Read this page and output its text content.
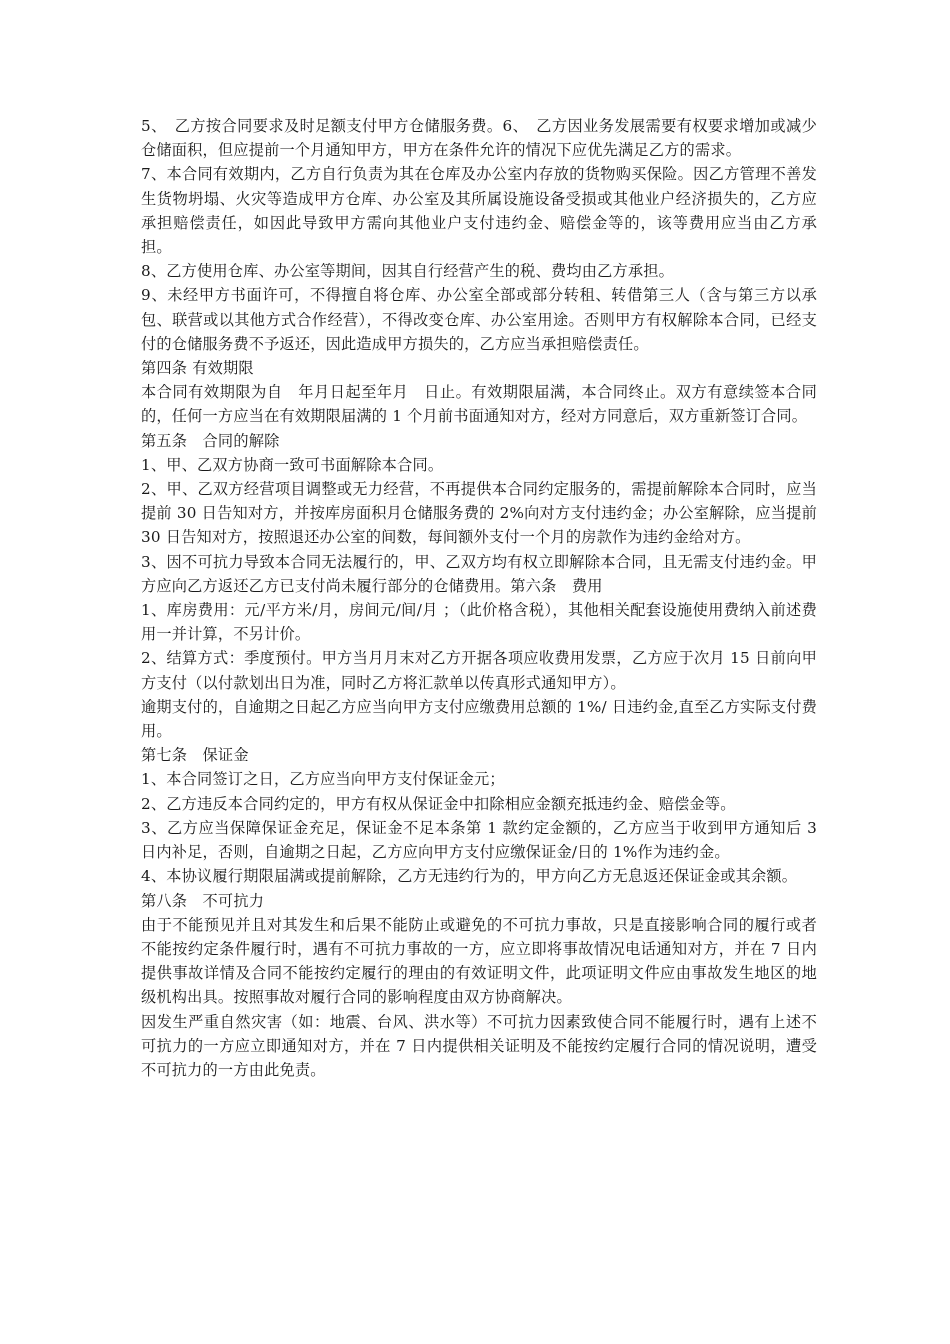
5、　乙方按合同要求及时足额支付甲方仓储服务费。6、　乙方因业务发展需要有权要求增加或减少仓储面积，但应提前一个月通知甲方，甲方在条件允许的情况下应优先满足乙方的需求。

7、本合同有效期内，乙方自行负责为其在仓库及办公室内存放的货物购买保险。因乙方管理不善发生货物坍塌、火灾等造成甲方仓库、办公室及其所属设施设备受损或其他业户经济损失的，乙方应承担赔偿责任，如因此导致甲方需向其他业户支付违约金、赔偿金等的，该等费用应当由乙方承担。

8、乙方使用仓库、办公室等期间，因其自行经营产生的税、费均由乙方承担。

9、未经甲方书面许可，不得擅自将仓库、办公室全部或部分转租、转借第三人（含与第三方以承包、联营或以其他方式合作经营），不得改变仓库、办公室用途。否则甲方有权解除本合同，已经支付的仓储服务费不予返还，因此造成甲方损失的，乙方应当承担赔偿责任。

第四条 有效期限

本合同有效期限为自　年月日起至年月　日止。有效期限届满，本合同终止。双方有意续签本合同的，任何一方应当在有效期限届满的 1 个月前书面通知对方，经对方同意后，双方重新签订合同。

第五条　合同的解除

1、甲、乙双方协商一致可书面解除本合同。

2、甲、乙双方经营项目调整或无力经营，不再提供本合同约定服务的，需提前解除本合同时，应当提前 30 日告知对方，并按库房面积月仓储服务费的 2%向对方支付违约金；办公室解除，应当提前 30 日告知对方，按照退还办公室的间数，每间额外支付一个月的房款作为违约金给对方。

3、因不可抗力导致本合同无法履行的，甲、乙双方均有权立即解除本合同，且无需支付违约金。甲方应向乙方返还乙方已支付尚未履行部分的仓储费用。第六条　费用

1、库房费用：元/平方米/月，房间元/间/月 ；（此价格含税），其他相关配套设施使用费纳入前述费用一并计算，不另计价。

2、结算方式：季度预付。甲方当月月末对乙方开据各项应收费用发票，乙方应于次月 15 日前向甲方支付（以付款划出日为准，同时乙方将汇款单以传真形式通知甲方）。

逾期支付的，自逾期之日起乙方应当向甲方支付应缴费用总额的 1%/ 日违约金,直至乙方实际支付费用。

第七条　保证金

1、本合同签订之日，乙方应当向甲方支付保证金元；

2、乙方违反本合同约定的，甲方有权从保证金中扣除相应金额充抵违约金、赔偿金等。

3、乙方应当保障保证金充足，保证金不足本条第 1 款约定金额的，乙方应当于收到甲方通知后 3 日内补足，否则，自逾期之日起，乙方应向甲方支付应缴保证金/日的 1%作为违约金。

4、本协议履行期限届满或提前解除，乙方无违约行为的，甲方向乙方无息返还保证金或其余额。

第八条　不可抗力

由于不能预见并且对其发生和后果不能防止或避免的不可抗力事故，只是直接影响合同的履行或者不能按约定条件履行时，遇有不可抗力事故的一方，应立即将事故情况电话通知对方，并在 7 日内提供事故详情及合同不能按约定履行的理由的有效证明文件，此项证明文件应由事故发生地区的地级机构出具。按照事故对履行合同的影响程度由双方协商解决。

因发生严重自然灾害（如：地震、台风、洪水等）不可抗力因素致使合同不能履行时，遇有上述不可抗力的一方应立即通知对方，并在 7 日内提供相关证明及不能按约定履行合同的情况说明，遭受不可抗力的一方由此免责。
